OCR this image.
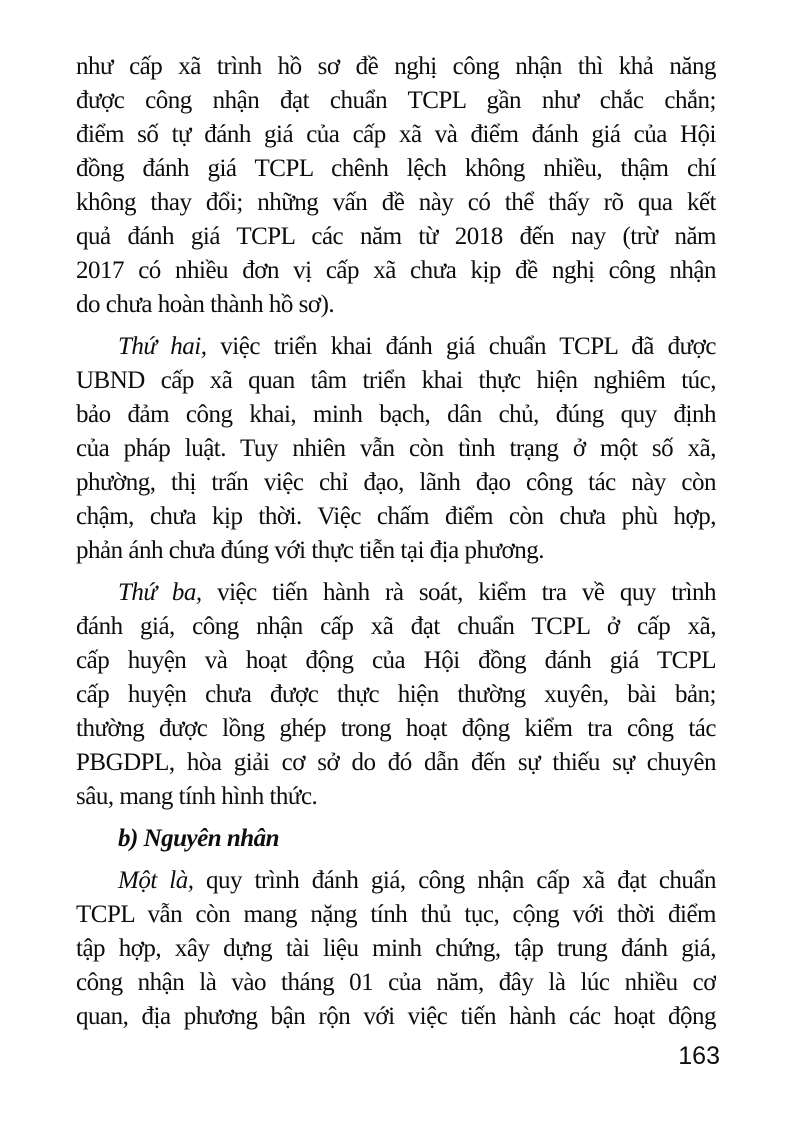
như cấp xã trình hồ sơ đề nghị công nhận thì khả năng
được công nhận đạt chuẩn TCPL gần như chắc chắn;
điểm số tự đánh giá của cấp xã và điểm đánh giá của Hội
đồng đánh giá TCPL chênh lệch không nhiều, thậm chí
không thay đổi; những vấn đề này có thể thấy rõ qua kết
quả đánh giá TCPL các năm từ 2018 đến nay (trừ năm
2017 có nhiều đơn vị cấp xã chưa kịp đề nghị công nhận
do chưa hoàn thành hồ sơ).
Thứ hai, việc triển khai đánh giá chuẩn TCPL đã được
UBND cấp xã quan tâm triển khai thực hiện nghiêm túc,
bảo đảm công khai, minh bạch, dân chủ, đúng quy định
của pháp luật. Tuy nhiên vẫn còn tình trạng ở một số xã,
phường, thị trấn việc chỉ đạo, lãnh đạo công tác này còn
chậm, chưa kịp thời. Việc chấm điểm còn chưa phù hợp,
phản ánh chưa đúng với thực tiễn tại địa phương.
Thứ ba, việc tiến hành rà soát, kiểm tra về quy trình
đánh giá, công nhận cấp xã đạt chuẩn TCPL ở cấp xã,
cấp huyện và hoạt động của Hội đồng đánh giá TCPL
cấp huyện chưa được thực hiện thường xuyên, bài bản;
thường được lồng ghép trong hoạt động kiểm tra công tác
PBGDPL, hòa giải cơ sở do đó dẫn đến sự thiếu sự chuyên
sâu, mang tính hình thức.
b) Nguyên nhân
Một là, quy trình đánh giá, công nhận cấp xã đạt chuẩn
TCPL vẫn còn mang nặng tính thủ tục, cộng với thời điểm
tập hợp, xây dựng tài liệu minh chứng, tập trung đánh giá,
công nhận là vào tháng 01 của năm, đây là lúc nhiều cơ
quan, địa phương bận rộn với việc tiến hành các hoạt động
163
